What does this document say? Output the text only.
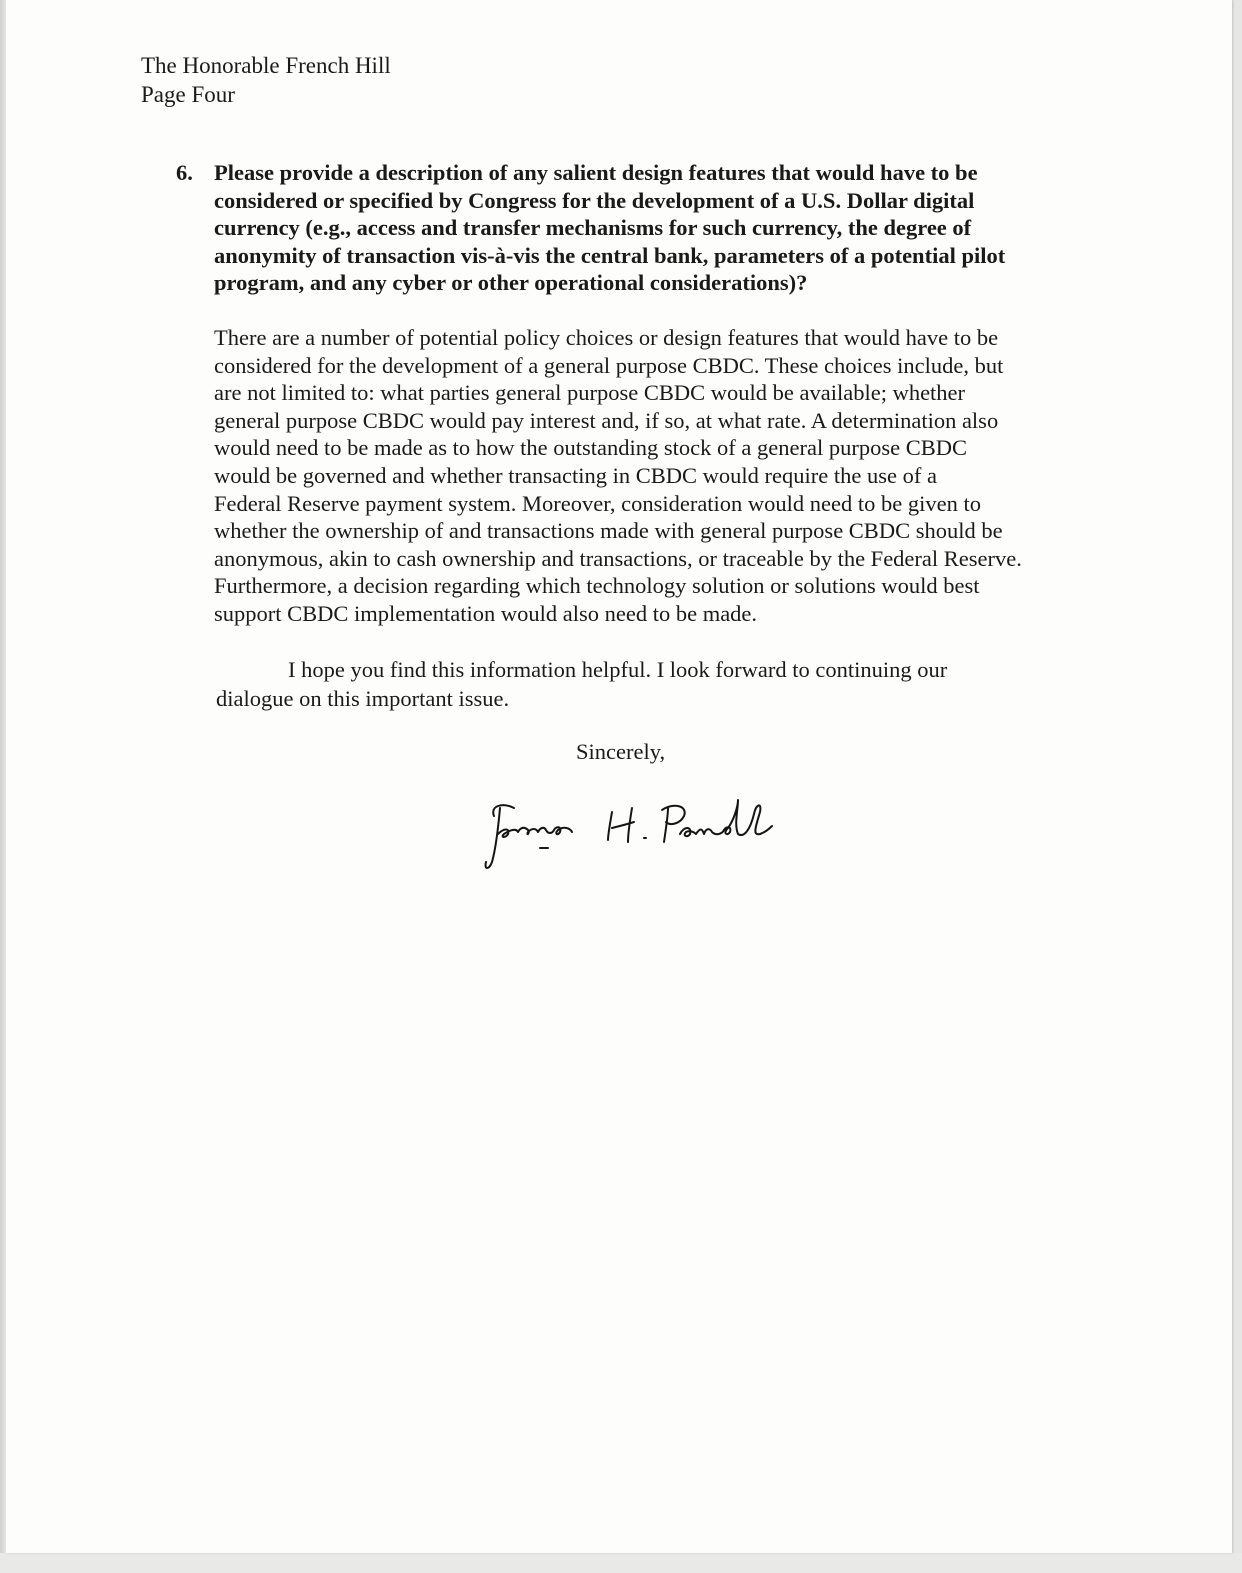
The Honorable French Hill
Page Four
6. Please provide a description of any salient design features that would have to be
considered or specified by Congress for the development of a U.S. Dollar digital
currency (e.g., access and transfer mechanisms for such currency, the degree of
anonymity of transaction vis-à-vis the central bank, parameters of a potential pilot
program, and any cyber or other operational considerations)?
There are a number of potential policy choices or design features that would have to be
considered for the development of a general purpose CBDC. These choices include, but
are not limited to: what parties general purpose CBDC would be available; whether
general purpose CBDC would pay interest and, if so, at what rate. A determination also
would need to be made as to how the outstanding stock of a general purpose CBDC
would be governed and whether transacting in CBDC would require the use of a
Federal Reserve payment system. Moreover, consideration would need to be given to
whether the ownership of and transactions made with general purpose CBDC should be
anonymous, akin to cash ownership and transactions, or traceable by the Federal Reserve.
Furthermore, a decision regarding which technology solution or solutions would best
support CBDC implementation would also need to be made.
I hope you find this information helpful. I look forward to continuing our
dialogue on this important issue.
Sincerely,
